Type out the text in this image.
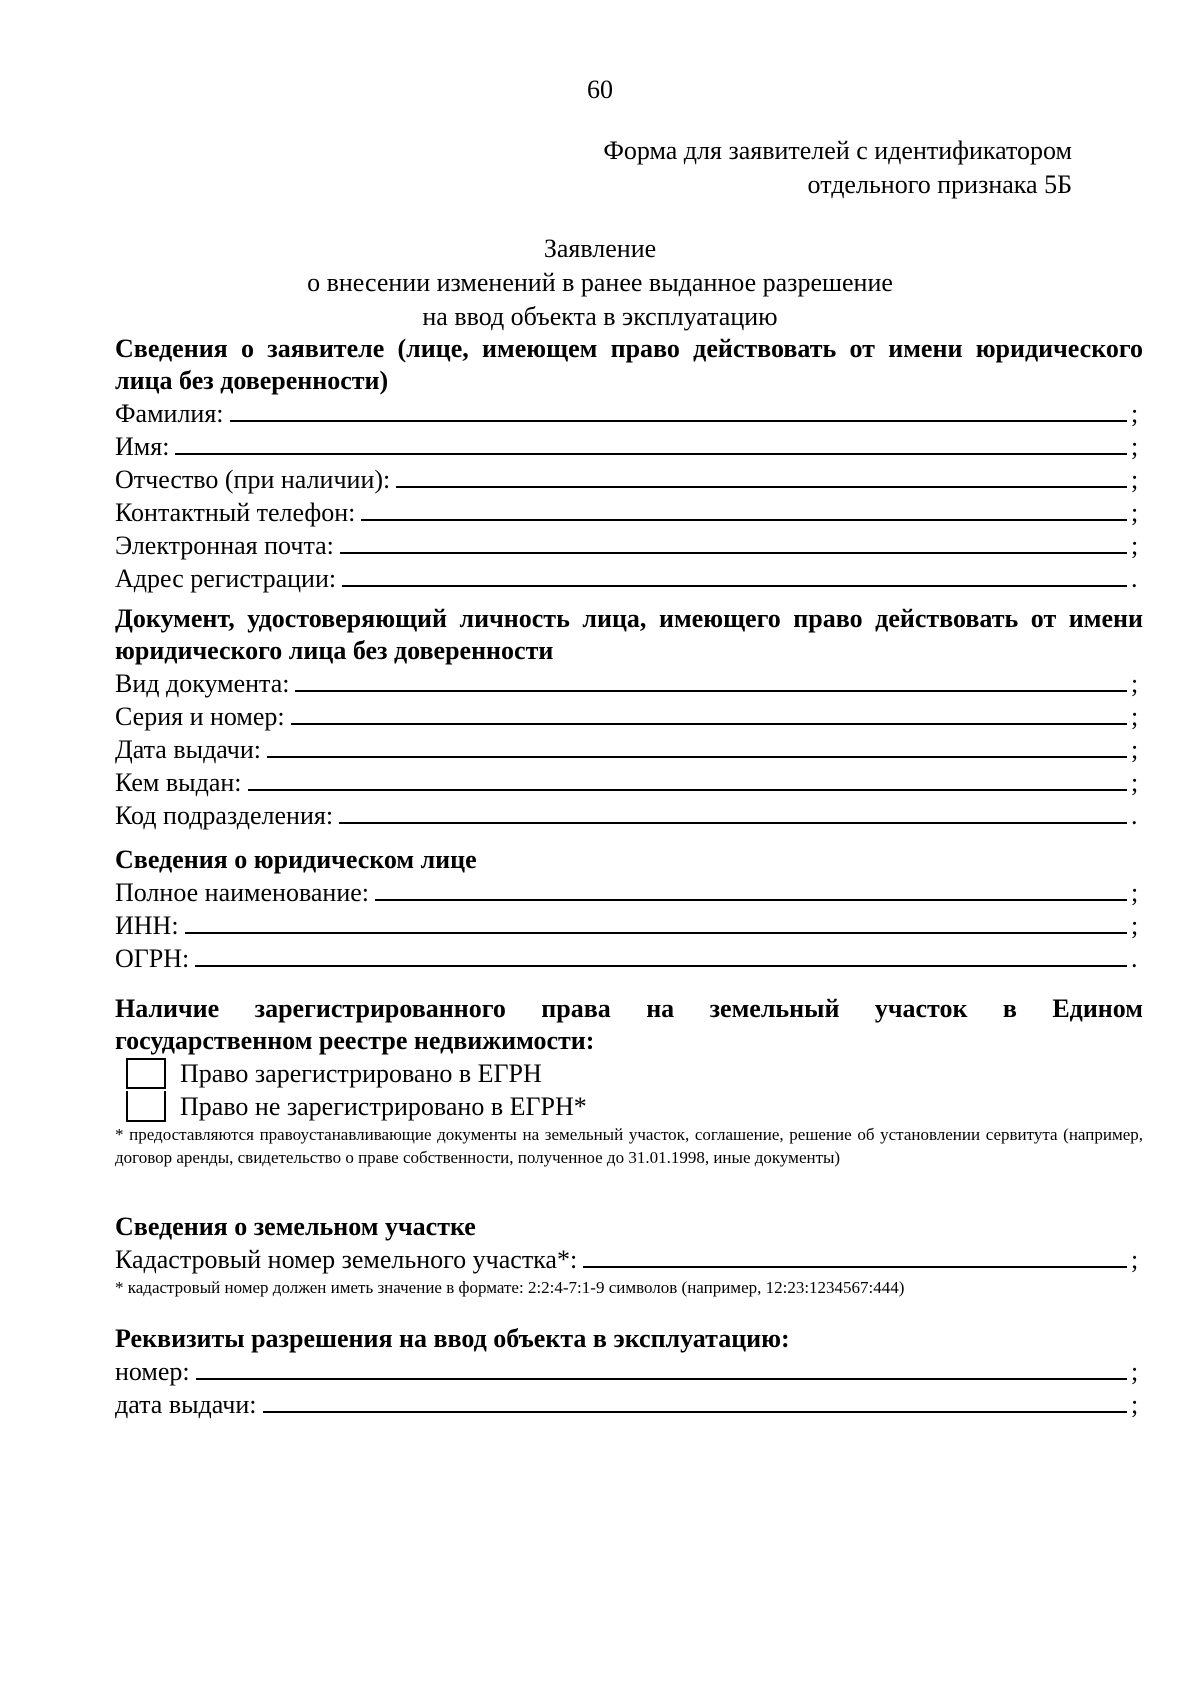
60
Форма для заявителей с идентификатором
отдельного признака 5Б
Заявление
о внесении изменений в ранее выданное разрешение
на ввод объекта в эксплуатацию

Сведения о заявителе (лице, имеющем право действовать от имени юридического лица без доверенности)

Фамилия:	;
Имя:	;
Отчество (при наличии):	;
Контактный телефон:	;
Электронная почта:	;
Адрес регистрации:	.

Документ, удостоверяющий личность лица, имеющего право действовать от имени юридического лица без доверенности

Вид документа:	;
Серия и номер:	;
Дата выдачи:	;
Кем выдан:	;
Код подразделения:	.

Сведения о юридическом лице

Полное наименование:	;
ИНН:	;
ОГРН:	.

Наличие зарегистрированного права на земельный участок в Едином государственном реестре недвижимости:

Право зарегистрировано в ЕГРН
Право не зарегистрировано в ЕГРН*
* предоставляются правоустанавливающие документы на земельный участок, соглашение, решение об установлении сервитута (например, договор аренды, свидетельство о праве собственности, полученное до 31.01.1998, иные документы)

Сведения о земельном участке

Кадастровый номер земельного участка*:	;
* кадастровый номер должен иметь значение в формате: 2:2:4-7:1-9 символов (например, 12:23:1234567:444)

Реквизиты разрешения на ввод объекта в эксплуатацию:

номер:	;
дата выдачи:	;
